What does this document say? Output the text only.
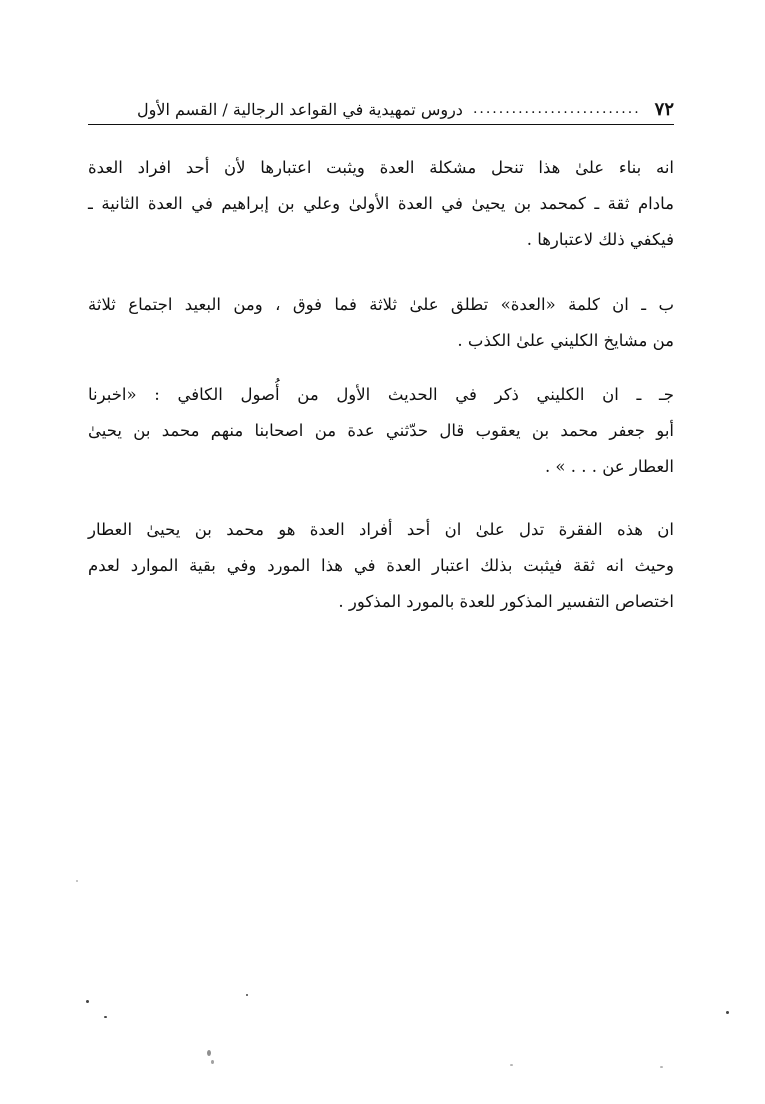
٧٢
..........................
دروس تمهيدية في القواعد الرجالية / القسم الأول
انه بناء علىٰ هذا تنحل مشكلة العدة ويثبت اعتبارها لأن أحد افراد العدة
مادام ثقة ـ كمحمد بن يحيىٰ في العدة الأولىٰ وعلي بن إبراهيم في العدة الثانية ـ
فيكفي ذلك لاعتبارها .
ب ـ ان كلمة «العدة» تطلق علىٰ ثلاثة فما فوق ، ومن البعيد اجتماع ثلاثة
من مشايخ الكليني علىٰ الكذب .
جـ ـ ان الكليني ذكر في الحديث الأول من أُصول الكافي : «اخبرنا
أبو جعفر محمد بن يعقوب قال حدّثني عدة من اصحابنا منهم محمد بن يحيىٰ
العطار عن . . . » .
ان هذه الفقرة تدل علىٰ ان أحد أفراد العدة هو محمد بن يحيىٰ العطار
وحيث انه ثقة فيثبت بذلك اعتبار العدة في هذا المورد وفي بقية الموارد لعدم
اختصاص التفسير المذكور للعدة بالمورد المذكور .
